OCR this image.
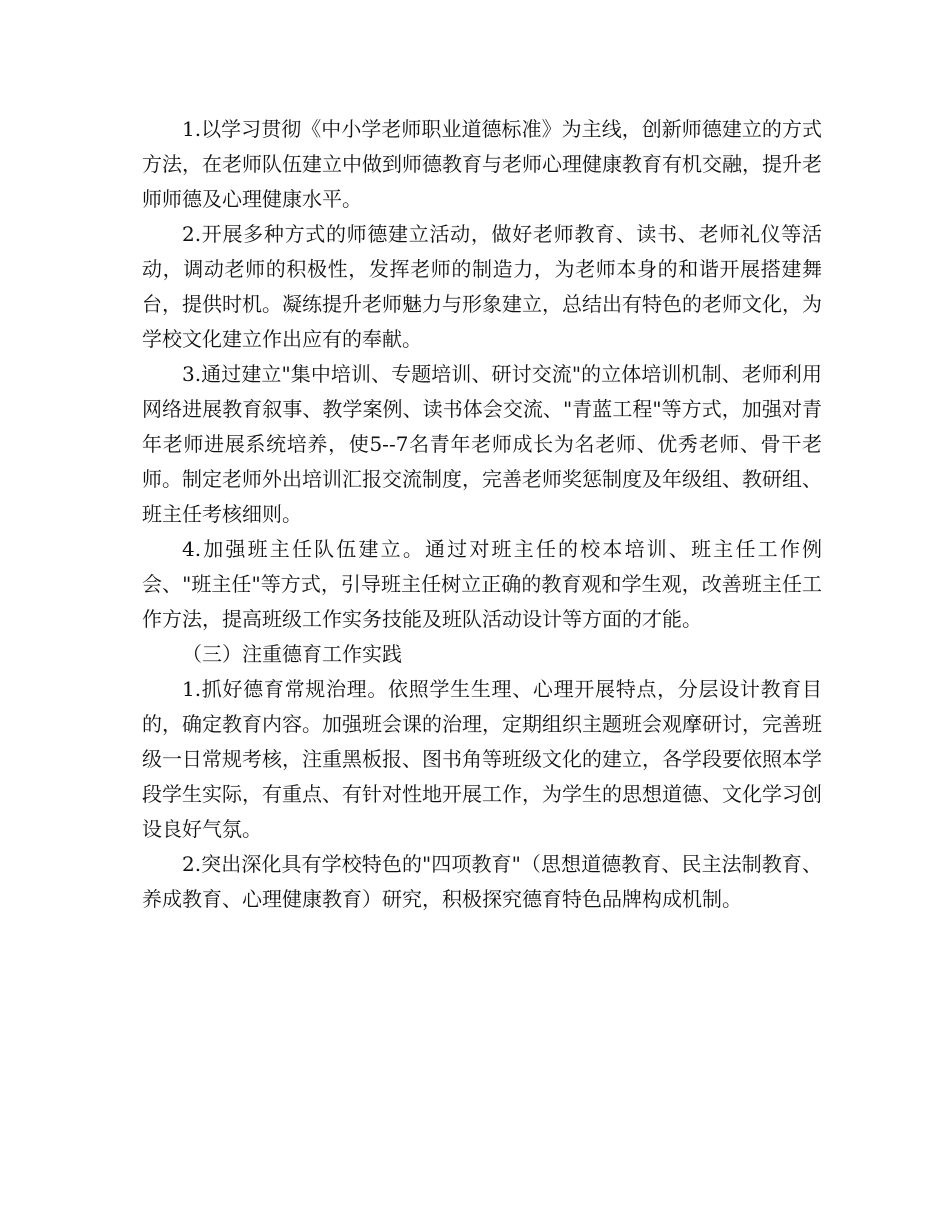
1.以学习贯彻《中小学老师职业道德标准》为主线，创新师德建立的方式方法，在老师队伍建立中做到师德教育与老师心理健康教育有机交融，提升老师师德及心理健康水平。

2.开展多种方式的师德建立活动，做好老师教育、读书、老师礼仪等活动，调动老师的积极性，发挥老师的制造力，为老师本身的和谐开展搭建舞台，提供时机。凝练提升老师魅力与形象建立，总结出有特色的老师文化，为学校文化建立作出应有的奉献。

3.通过建立"集中培训、专题培训、研讨交流"的立体培训机制、老师利用网络进展教育叙事、教学案例、读书体会交流、"青蓝工程"等方式，加强对青年老师进展系统培养，使5--7名青年老师成长为名老师、优秀老师、骨干老师。制定老师外出培训汇报交流制度，完善老师奖惩制度及年级组、教研组、班主任考核细则。

4.加强班主任队伍建立。通过对班主任的校本培训、班主任工作例会、"班主任"等方式，引导班主任树立正确的教育观和学生观，改善班主任工作方法，提高班级工作实务技能及班队活动设计等方面的才能。

（三）注重德育工作实践

1.抓好德育常规治理。依照学生生理、心理开展特点，分层设计教育目的，确定教育内容。加强班会课的治理，定期组织主题班会观摩研讨，完善班级一日常规考核，注重黑板报、图书角等班级文化的建立，各学段要依照本学段学生实际，有重点、有针对性地开展工作，为学生的思想道德、文化学习创设良好气氛。

2.突出深化具有学校特色的"四项教育"（思想道德教育、民主法制教育、养成教育、心理健康教育）研究，积极探究德育特色品牌构成机制。
